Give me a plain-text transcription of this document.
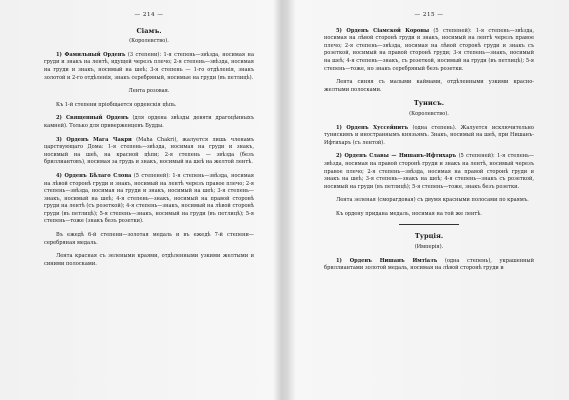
— 214 —
Сіамъ.
(Королевство).

1) Фамильный Орденъ (3 степени): 1-я степень—звѣзда, носимая на груди и знакъ на лентѣ, идущей черезъ плечо; 2-я степень—звѣзда, носимая на груди и знакъ, носимый на шеѣ; 3-я степень — 1-го отдѣленія, знакъ золотой и 2-го отдѣленія, знакъ серебряный, носимые на груди (въ петлицѣ).

Лента розовая.

Къ 1-й степени пріобщается орденскія цѣпь.

2) Священный Орденъ (для ордена звѣзды девяти драгоцѣнныхъ камней). Только для приверженцевъ Будды.

3) Орденъ Мага Чакри (Maha Chakri), жалуется лишь членамъ царствующаго Дома: 1-я степень—звѣзда, носимая на груди и знакъ, носимый на шеѣ, на красной цѣпи; 2-я степень — звѣзда (безъ бриллиантовъ), носимая за грудь и знакъ, носимый на шеѣ на желтой лентѣ.

4) Орденъ Бѣлаго Слона (5 степеней): 1-я степень—звѣзда, носимая на лѣвой сторонѣ груди и знакъ, носимый на лентѣ черезъ правое плечо; 2-я степень—звѣзда, носимая на груди и знакъ, носимый на шеѣ; 3-я степень—знакъ, носимый на шеѣ; 4-я степень—знакъ, носимый на правой сторонѣ груди на лентѣ (съ розеткой); 4-я степень—знакъ, носимый на лѣвой сторонѣ груди (въ петлицѣ); 5-я степень—знакъ, носимый на груди (въ петлицѣ); 5-я степень—тоже (знакъ безъ розетки).

Въ ежедѣ 6-й степени—золотая медаль и въ ежедѣ 7-й степени—серебряная медаль.

Лента красная съ зелеными краями, отдѣленными узкими желтыми и синими полосками.

— 215 —

5) Орденъ Сіамской Короны (5 степеней): 1-я степень—звѣзда, носимая на лѣвой сторонѣ груди и знакъ, носимый на лентѣ черезъ правое плечо; 2-я степень—звѣзда, носимая на лѣвой сторонѣ груди и знакъ съ розеткой, носимый на правой сторонѣ груди; 3-я степень—знакъ, носимый на шеѣ; 4-я степень—знакъ, съ розеткой, носимый на груди (въ петлицѣ); 5-я степень—тоже, но знакъ серебряный безъ розетки.

Лента синяя съ малыми каймами, отдѣленными узкими красно-желтыми полосками.

Тунисъ.
(Королевство).

1) Орденъ Хуссейнитъ (одна степень). Жалуется исключительно тунискимъ и иностраннымъ князьямъ. Знакъ, носимый на шеѣ, при Нишанъ-Ифтихаръ (съ лентой).

2) Орденъ Славы — Нишанъ-Ифтихаръ (5 степеней): 1-я степень—звѣзда, носимая на правой сторонѣ груди и знакъ на лентѣ, носимый черезъ правое плечо; 2-я степень—звѣзда, носимая на правой сторонѣ груди и знакъ на шеѣ; 3-я степень—знакъ на шеѣ; 4-я степень—знакъ съ розеткой, носимый на груди (въ петлицѣ); 5-я степень—тоже, знакъ безъ розетки.

Лента зеленая (сморагдовая) съ двумя красными полосами по краямъ.

Къ ордену придана медаль, носимая на той же лентѣ.

Турція.
(Имперія).

1) Орденъ Нишанъ Имтіазъ (одна степень), украшенный бриллиантами золотой медаль, носимая на лѣвой сторонѣ груди и
